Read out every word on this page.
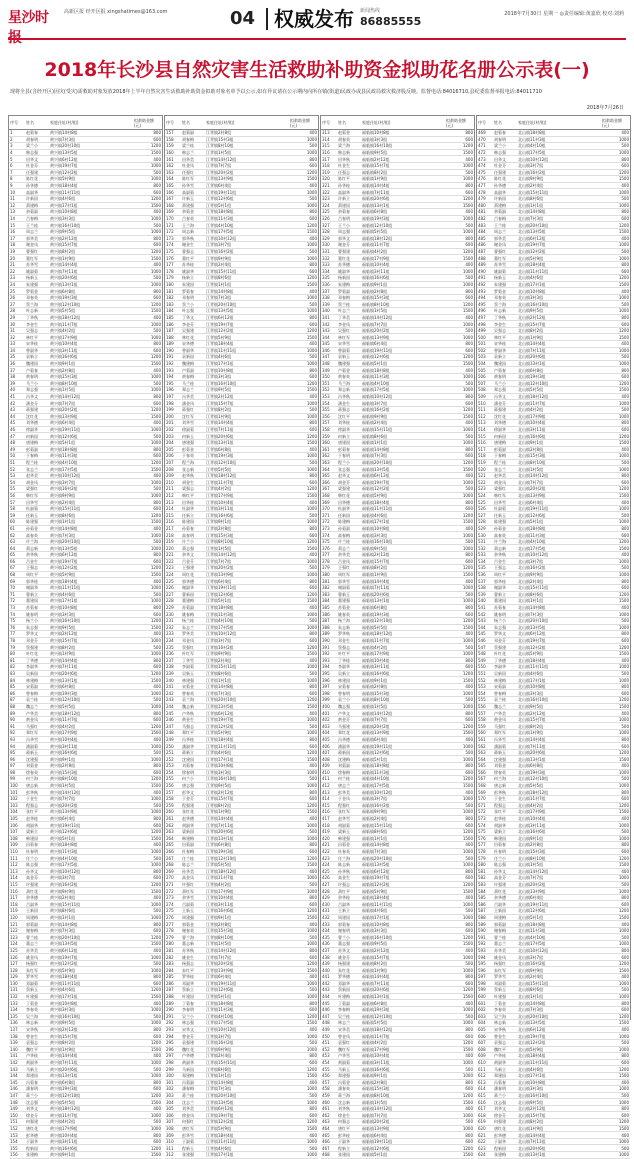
星沙时报
高新区报 经开区报 xingshatimes@163.com	04 权威发布 新闻热线
86885555
2018年7月30日 星期一 ◎责任编辑:黄嘉欣 校对:刘莉
2018年长沙县自然灾害生活救助补助资金拟助花名册公示表(一)
现将全县(含经开区)因灾(受灾)需救助对象发放2018年上半年自然灾害生活救助补助资金拟助对象名单予以公示,如有异议请在公示期内向所在镇(街道)民政办或县民政局救灾救济股反映。监督电话:84016710,县纪委监督举报电话:84011710
2018年7月26日
序号	姓名	家庭住址(村/组)	拟救助金额(元)
1	赵菊春	黄兴镇14村8组	800
2	胡春明	黄兴镇7村3组	600
3	梁兰小	黄兴镇20村10组	1200
4	韩志强	黄兴镇13村5组	1500
5	田华文	黄兴镇6村12组	400
6	杜金芬	黄兴镇19村7组	1000
7	任强建	黄兴镇12村2组	500
8	陈红花	黄兴镇5村9组	1000
9	孙华德	黄兴镇18村4组	800
10	高淑华	黄兴镇11村11组	600
11	许新国	黄兴镇4村6组	1200
12	萧建梅	黄兴镇17村1组	1500
13	余菊淑	黄兴镇10村8组	400
14	吕春梅	黄兴镇3村3组	1000
15	王兰桂	黄兴镇16村10组	500
16	周志兰	黄兴镇9村5组	1000
17	郭华美	黄兴镇2村12组	800
18	谢金凤	黄兴镇15村7组	600
19	曹强红	黄兴镇8村2组	1200
20	董红军	黄兴镇1村9组	1500
21	苏华雪	黄兴镇14村4组	400
22	姚淑菊	黄兴镇7村11组	1000
23	杨新玉	黄兴镇20村6组	500
24	朱建强	黄兴镇13村1组	1000
25	罗菊金	黄兴镇6村8组	800
26	邓春英	黄兴镇19村3组	600
27	蔡兰海	黄兴镇12村10组	1200
28	叶志新	黄兴镇5村5组	1500
29	丁华秋	黄兴镇18村12组	400
30	李金生	黄兴镇11村7组	1000
31	吴强志	黄兴镇4村2组	500
32	林红平	黄兴镇17村9组	1000
33	宋华桂	黄兴镇10村4组	800
34	曾淑华	黄兴镇3村11组	600
35	袁新立	黄兴镇16村6组	1200
36	魏建国	黄兴镇9村1组	1500
37	卢菊春	黄兴镇2村8组	400
38	黄春明	黄兴镇15村3组	1000
39	马兰小	黄兴镇8村10组	500
40	郑志强	黄兴镇1村5组	1000
41	冯华文	黄兴镇14村12组	800
42	潘金芬	黄兴镇7村7组	600
43	蒋强建	黄兴镇20村2组	1200
44	沈红花	黄兴镇13村9组	1500
45	刘华德	黄兴镇6村4组	400
46	徐淑华	黄兴镇19村11组	1000
47	何新国	黄兴镇12村6组	500
48	唐建梅	黄兴镇5村1组	1000
49	彭菊淑	黄兴镇18村8组	800
50	于春梅	黄兴镇11村3组	600
51	程兰桂	黄兴镇4村10组	1200
52	张志兰	黄兴镇17村5组	1500
53	赵华美	黄兴镇10村12组	400
54	胡金凤	黄兴镇3村7组	1000
55	梁强红	黄兴镇16村2组	500
56	韩红军	黄兴镇9村9组	1000
57	田华雪	黄兴镇2村4组	800
58	杜淑菊	黄兴镇15村11组	600
59	任新玉	黄兴镇8村6组	1200
60	陈建强	黄兴镇1村1组	1500
61	孙菊金	黄兴镇14村8组	400
62	高春英	黄兴镇7村3组	1000
63	许兰海	黄兴镇20村10组	500
64	萧志新	黄兴镇13村5组	1000
65	余华秋	黄兴镇6村12组	800
66	吕金生	黄兴镇19村7组	600
67	王强志	黄兴镇12村2组	1200
68	周红平	黄兴镇5村9组	1500
69	郭华桂	黄兴镇18村4组	400
70	谢淑华	黄兴镇11村11组	1000
71	曹新立	黄兴镇4村6组	500
72	董建国	黄兴镇17村1组	1000
73	苏菊春	黄兴镇10村8组	800
74	姚春明	黄兴镇3村3组	600
75	杨兰小	黄兴镇16村10组	1200
76	朱志强	黄兴镇9村5组	1500
77	罗华文	黄兴镇2村12组	400
78	邓金芬	黄兴镇15村7组	1000
79	蔡强建	黄兴镇8村2组	500
80	叶红花	黄兴镇1村9组	1000
81	丁华德	黄兴镇14村4组	800
82	李淑华	黄兴镇7村11组	600
83	吴新国	黄兴镇20村6组	1200
84	林建梅	黄兴镇13村1组	1500
85	宋菊淑	黄兴镇6村8组	400
86	曾春梅	黄兴镇19村3组	1000
87	袁兰桂	黄兴镇12村10组	500
88	魏志兰	黄兴镇5村5组	1000
89	卢华美	黄兴镇18村12组	800
90	黄金凤	黄兴镇11村7组	600
91	马强红	黄兴镇4村2组	1200
92	郑红军	黄兴镇17村9组	1500
93	冯华雪	黄兴镇10村4组	400
94	潘淑菊	黄兴镇3村11组	1000
95	蒋新玉	黄兴镇16村6组	500
96	沈建强	黄兴镇9村1组	1000
97	刘菊金	黄兴镇2村8组	800
98	徐春英	黄兴镇15村3组	600
99	何兰海	黄兴镇8村10组	1200
100	唐志新	黄兴镇1村5组	1500
101	彭华秋	黄兴镇14村12组	400
102	于金生	黄兴镇7村7组	1000
103	程强志	黄兴镇20村2组	500
104	张红平	黄兴镇13村9组	1000
105	赵华桂	黄兴镇6村4组	800
106	胡淑华	黄兴镇19村11组	600
107	梁新立	黄兴镇12村6组	1200
108	韩建国	黄兴镇5村1组	1500
109	田菊春	黄兴镇18村8组	400
110	杜春明	黄兴镇11村3组	1000
111	任兰小	黄兴镇4村10组	500
112	陈志强	黄兴镇17村5组	1000
113	孙华文	黄兴镇10村12组	800
114	高金芬	黄兴镇3村7组	600
115	许强建	黄兴镇16村2组	1200
116	萧红花	黄兴镇9村9组	1500
117	余华德	黄兴镇2村4组	400
118	吕淑华	黄兴镇15村11组	1000
119	王新国	黄兴镇8村6组	500
120	周建梅	黄兴镇1村1组	1000
121	郭菊淑	黄兴镇14村8组	800
122	谢春梅	黄兴镇7村3组	600
123	曹兰桂	黄兴镇20村10组	1200
124	董志兰	黄兴镇13村5组	1500
125	苏华美	黄兴镇6村12组	400
126	姚金凤	黄兴镇19村7组	1000
127	杨强红	黄兴镇12村2组	500
128	朱红军	黄兴镇5村9组	1000
129	罗华雪	黄兴镇18村4组	800
130	邓淑菊	黄兴镇11村11组	600
131	蔡新玉	黄兴镇4村6组	1200
132	叶建强	黄兴镇17村1组	1500
133	丁菊金	黄兴镇10村8组	400
134	李春英	黄兴镇3村3组	1000
135	吴兰海	黄兴镇16村10组	500
136	林志新	黄兴镇9村5组	1000
137	宋华秋	黄兴镇2村12组	800
138	曾金生	黄兴镇15村7组	600
139	袁强志	黄兴镇8村2组	1200
140	魏红平	黄兴镇1村9组	1500
141	卢华桂	黄兴镇14村4组	400
142	黄淑华	黄兴镇7村11组	1000
143	马新立	黄兴镇20村6组	500
144	郑建国	黄兴镇13村1组	1000
145	冯菊春	黄兴镇6村8组	800
146	潘春明	黄兴镇19村3组	600
147	蒋兰小	黄兴镇12村10组	1200
148	沈志强	黄兴镇5村5组	1500
149	刘华文	黄兴镇18村12组	400
150	徐金芬	黄兴镇11村7组	1000
151	何强建	黄兴镇4村2组	500
152	唐红花	黄兴镇17村9组	1000
153	彭华德	黄兴镇10村4组	800
154	于淑华	黄兴镇3村11组	600
155	程新国	黄兴镇16村6组	1200
156	张建梅	黄兴镇9村1组	1500
序号	姓名	家庭住址(村/组)	拟救助金额(元)
157	赵菊淑	江背镇2村8组	400
158	胡春梅	江背镇15村3组	1000
159	梁兰桂	江背镇8村10组	500
160	韩志兰	江背镇1村5组	1000
161	田华美	江背镇14村12组	800
162	杜金凤	江背镇7村7组	600
163	任强红	江背镇20村2组	1200
164	陈红军	江背镇13村9组	1500
165	孙华雪	江背镇6村4组	400
166	高淑菊	江背镇19村11组	1000
167	许新玉	江背镇12村6组	500
168	萧建强	江背镇5村1组	1000
169	余菊金	江背镇18村8组	800
170	吕春英	江背镇11村3组	600
171	王兰海	江背镇4村10组	1200
172	周志新	江背镇17村5组	1500
173	郭华秋	江背镇10村12组	400
174	谢金生	江背镇3村7组	1000
175	曹强志	江背镇16村2组	500
176	董红平	江背镇9村9组	1000
177	苏华桂	江背镇2村4组	800
178	姚淑华	江背镇15村11组	600
179	杨新立	江背镇8村6组	1200
180	朱建国	江背镇1村1组	1500
181	罗菊春	江背镇14村8组	400
182	邓春明	江背镇7村3组	1000
183	蔡兰小	江背镇20村10组	500
184	叶志强	江背镇13村5组	1000
185	丁华文	江背镇6村12组	800
186	李金芬	江背镇19村7组	600
187	吴强建	江背镇12村2组	1200
188	林红花	江背镇5村9组	1500
189	宋华德	江背镇18村4组	400
190	曾淑华	江背镇11村11组	1000
191	袁新国	江背镇4村6组	500
192	魏建梅	江背镇17村1组	1000
193	卢菊淑	江背镇10村8组	800
194	黄春梅	江背镇3村3组	600
195	马兰桂	江背镇16村10组	1200
196	郑志兰	江背镇9村5组	1500
197	冯华美	江背镇2村12组	400
198	潘金凤	江背镇15村7组	1000
199	蒋强红	江背镇8村2组	500
200	沈红军	江背镇1村9组	1000
201	刘华雪	江背镇14村4组	800
202	徐淑菊	江背镇7村11组	600
203	何新玉	江背镇20村6组	1200
204	唐建强	江背镇13村1组	1500
205	彭菊金	江背镇6村8组	400
206	于春英	江背镇19村3组	1000
207	程兰海	江背镇12村10组	500
208	张志新	江背镇5村5组	1000
209	赵华秋	江背镇18村12组	800
210	胡金生	江背镇11村7组	600
211	梁强志	江背镇4村2组	1200
212	韩红平	江背镇17村9组	1500
213	田华桂	江背镇10村4组	400
214	杜淑华	江背镇3村11组	1000
215	任新立	江背镇16村6组	500
216	陈建国	江背镇9村1组	1000
217	孙菊春	江背镇2村8组	800
218	高春明	江背镇15村3组	600
219	许兰小	江背镇8村10组	1200
220	萧志强	江背镇1村5组	1500
221	余华文	江背镇14村12组	400
222	吕金芬	江背镇7村7组	1000
223	王强建	江背镇20村2组	500
224	周红花	江背镇13村9组	1000
225	郭华德	江背镇6村4组	800
226	谢淑华	江背镇19村11组	600
227	曹新国	江背镇12村6组	1200
228	董建梅	江背镇5村1组	1500
229	苏菊淑	江背镇18村8组	400
230	姚春梅	江背镇11村3组	1000
231	杨兰桂	江背镇4村10组	500
232	朱志兰	江背镇17村5组	1000
233	罗华美	江背镇10村12组	800
234	邓金凤	江背镇3村7组	600
235	蔡强红	江背镇16村2组	1200
236	叶红军	江背镇9村9组	1500
237	丁华雪	江背镇2村4组	400
238	李淑菊	江背镇15村11组	1000
239	吴新玉	江背镇8村6组	500
240	林建强	江背镇1村1组	1000
241	宋菊金	江背镇14村8组	800
242	曾春英	江背镇7村3组	600
243	袁兰海	江背镇20村10组	1200
244	魏志新	江背镇13村5组	1500
245	卢华秋	江背镇6村12组	400
246	黄金生	江背镇19村7组	1000
247	马强志	江背镇12村2组	500
248	郑红平	江背镇5村9组	1000
249	冯华桂	江背镇18村4组	800
250	潘淑华	江背镇11村11组	600
251	蒋新立	江背镇4村6组	1200
252	沈建国	江背镇17村1组	1500
253	刘菊春	江背镇10村8组	400
254	徐春明	江背镇3村3组	1000
255	何兰小	江背镇16村10组	500
256	唐志强	江背镇9村5组	1000
257	彭华文	江背镇2村12组	800
258	于金芬	江背镇15村7组	600
259	程强建	江背镇8村2组	1200
260	张红花	江背镇1村9组	1500
261	赵华德	江背镇14村4组	400
262	胡淑华	江背镇7村11组	1000
263	梁新国	江背镇20村6组	500
264	韩建梅	江背镇13村1组	1000
265	田菊淑	江背镇6村8组	800
266	杜春梅	江背镇19村3组	600
267	任兰桂	江背镇12村10组	1200
268	陈志兰	江背镇5村5组	1500
269	孙华美	江背镇18村12组	400
270	高金凤	江背镇11村7组	1000
271	许强红	江背镇4村2组	500
272	萧红军	江背镇17村9组	1000
273	余华雪	江背镇10村4组	800
274	吕淑菊	江背镇3村11组	600
275	王新玉	江背镇16村6组	1200
276	周建强	江背镇9村1组	1500
277	郭菊金	江背镇2村8组	400
278	谢春英	江背镇15村3组	1000
279	曹兰海	江背镇8村10组	500
280	董志新	江背镇1村5组	1000
281	苏华秋	江背镇14村12组	800
282	姚金生	江背镇7村7组	600
283	杨强志	江背镇20村2组	1200
284	朱红平	江背镇13村9组	1500
285	罗华桂	江背镇6村4组	400
286	邓淑华	江背镇19村11组	1000
287	蔡新立	江背镇12村6组	500
288	叶建国	江背镇5村1组	1000
289	丁菊春	江背镇18村8组	800
290	李春明	江背镇11村3组	600
291	吴兰小	江背镇4村10组	1200
292	林志强	江背镇17村5组	1500
293	宋华文	江背镇10村12组	400
294	曾金芬	江背镇3村7组	1000
295	袁强建	江背镇16村2组	500
296	魏红花	江背镇9村9组	1000
297	卢华德	江背镇2村4组	800
298	黄淑华	江背镇15村11组	600
299	马新国	江背镇8村6组	1200
300	郑建梅	江背镇1村1组	1500
301	冯菊淑	江背镇14村8组	400
302	潘春梅	江背镇7村3组	1000
303	蒋兰桂	江背镇20村10组	500
304	沈志兰	江背镇13村5组	1000
305	刘华美	江背镇6村12组	800
306	徐金凤	江背镇19村7组	600
307	何强红	江背镇12村2组	1200
308	唐红军	江背镇5村9组	1500
309	彭华雪	江背镇18村4组	400
310	于淑菊	江背镇11村11组	1000
311	程新玉	江背镇4村6组	500
312	张建强	江背镇17村1组	1000
序号	姓名	家庭住址(村/组)	拟救助金额(元)
313	赵菊金	福临镇10村8组	800
314	胡春英	福临镇3村3组	600
315	梁兰海	福临镇16村10组	1200
316	韩志新	福临镇9村5组	1500
317	田华秋	福临镇2村12组	400
318	杜金生	福临镇15村7组	1000
319	任强志	福临镇8村2组	500
320	陈红平	福临镇1村9组	1000
321	孙华桂	福临镇14村4组	800
322	高淑华	福临镇7村11组	600
323	许新立	福临镇20村6组	1200
324	萧建国	福临镇13村1组	1500
325	余菊春	福临镇6村8组	400
326	吕春明	福临镇19村3组	1000
327	王兰小	福临镇12村10组	500
328	周志强	福临镇5村5组	1000
329	郭华文	福临镇18村12组	800
330	谢金芬	福临镇11村7组	600
331	曹强建	福临镇4村2组	1200
332	董红花	福临镇17村9组	1500
333	苏华德	福临镇10村4组	400
334	姚淑华	福临镇3村11组	1000
335	杨新国	福临镇16村6组	500
336	朱建梅	福临镇9村1组	1000
337	罗菊淑	福临镇2村8组	800
338	邓春梅	福临镇15村3组	600
339	蔡兰桂	福临镇8村10组	1200
340	叶志兰	福临镇1村5组	1500
341	丁华美	福临镇14村12组	400
342	李金凤	福临镇7村7组	1000
343	吴强红	福临镇20村2组	500
344	林红军	福临镇13村9组	1000
345	宋华雪	福临镇6村4组	800
346	曾淑菊	福临镇19村11组	600
347	袁新玉	福临镇12村6组	1200
348	魏建强	福临镇5村1组	1500
349	卢菊金	福临镇18村8组	400
350	黄春英	福临镇11村3组	1000
351	马兰海	福临镇4村10组	500
352	郑志新	福临镇17村5组	1000
353	冯华秋	福临镇10村12组	800
354	潘金生	福临镇3村7组	600
355	蒋强志	福临镇16村2组	1200
356	沈红平	福临镇9村9组	1500
357	刘华桂	福临镇2村4组	400
358	徐淑华	福临镇15村11组	1000
359	何新立	福临镇8村6组	500
360	唐建国	福临镇1村1组	1000
361	彭菊春	福临镇14村8组	800
362	于春明	福临镇7村3组	600
363	程兰小	福临镇20村10组	1200
364	张志强	福临镇13村5组	1500
365	赵华文	福临镇6村12组	400
366	胡金芬	福临镇19村7组	1000
367	梁强建	福临镇12村2组	500
368	韩红花	福临镇5村9组	1000
369	田华德	福临镇18村4组	800
370	杜淑华	福临镇11村11组	600
371	任新国	福临镇4村6组	1200
372	陈建梅	福临镇17村1组	1500
373	孙菊淑	福临镇10村8组	400
374	高春梅	福临镇3村3组	1000
375	许兰桂	福临镇16村10组	500
376	萧志兰	福临镇9村5组	1000
377	余华美	福临镇2村12组	800
378	吕金凤	福临镇15村7组	600
379	王强红	福临镇8村2组	1200
380	周红军	福临镇1村9组	1500
381	郭华雪	福临镇14村4组	400
382	谢淑菊	福临镇7村11组	1000
383	曹新玉	福临镇20村6组	500
384	董建强	福临镇13村1组	1000
385	苏菊金	福临镇6村8组	800
386	姚春英	福临镇19村3组	600
387	杨兰海	福临镇12村10组	1200
388	朱志新	福临镇5村5组	1500
389	罗华秋	福临镇18村12组	400
390	邓金生	福临镇11村7组	1000
391	蔡强志	福临镇4村2组	500
392	叶红平	福临镇17村9组	1000
393	丁华桂	福临镇10村4组	800
394	李淑华	福临镇3村11组	600
395	吴新立	福临镇16村6组	1200
396	林建国	福临镇9村1组	1500
397	宋菊春	福临镇2村8组	400
398	曾春明	福临镇15村3组	1000
399	袁兰小	福临镇8村10组	500
400	魏志强	福临镇1村5组	1000
401	卢华文	福临镇14村12组	800
402	黄金芬	福临镇7村7组	600
403	马强建	福临镇20村2组	1200
404	郑红花	福临镇13村9组	1500
405	冯华德	福临镇6村4组	400
406	潘淑华	福临镇19村11组	1000
407	蒋新国	福临镇12村6组	500
408	沈建梅	福临镇5村1组	1000
409	刘菊淑	福临镇18村8组	800
410	徐春梅	福临镇11村3组	600
411	何兰桂	福临镇4村10组	1200
412	唐志兰	福临镇17村5组	1500
413	彭华美	福临镇10村12组	400
414	于金凤	福临镇3村7组	1000
415	程强红	福临镇16村2组	500
416	张红军	福临镇9村9组	1000
417	赵华雪	福临镇2村4组	800
418	胡淑菊	福临镇15村11组	600
419	梁新玉	福临镇8村6组	1200
420	韩建强	福临镇1村1组	1500
421	田菊金	福临镇14村8组	400
422	杜春英	福临镇7村3组	1000
423	任兰海	福临镇20村10组	500
424	陈志新	福临镇13村5组	1000
425	孙华秋	福临镇6村12组	800
426	高金生	福临镇19村7组	600
427	许强志	福临镇12村2组	1200
428	萧红平	福临镇5村9组	1500
429	余华桂	福临镇18村4组	400
430	吕淑华	福临镇11村11组	1000
431	王新立	福临镇4村6组	500
432	周建国	福临镇17村1组	1000
433	郭菊春	福临镇10村8组	800
434	谢春明	福临镇3村3组	600
435	曹兰小	福临镇16村10组	1200
436	董志强	福临镇9村5组	1500
437	苏华文	福临镇2村12组	400
438	姚金芬	福临镇15村7组	1000
439	杨强建	福临镇8村2组	500
440	朱红花	福临镇1村9组	1000
441	罗华德	福临镇14村4组	800
442	邓淑华	福临镇7村11组	600
443	蔡新国	福临镇20村6组	1200
444	叶建梅	福临镇13村1组	1500
445	丁菊淑	福临镇6村8组	400
446	李春梅	福临镇19村3组	1000
447	吴兰桂	福临镇12村10组	500
448	林志兰	福临镇5村5组	1000
449	宋华美	福临镇18村12组	800
450	曾金凤	福临镇11村7组	600
451	袁强红	福临镇4村2组	1200
452	魏红军	福临镇17村9组	1500
453	卢华雪	福临镇10村4组	400
454	黄淑菊	福临镇3村11组	1000
455	马新玉	福临镇16村6组	500
456	郑建强	福临镇9村1组	1000
457	冯菊金	福临镇2村8组	800
458	潘春英	福临镇15村3组	600
459	蒋兰海	福临镇8村10组	1200
460	沈志新	福临镇1村5组	1500
461	刘华秋	福临镇14村12组	400
462	徐金生	福临镇7村7组	1000
463	何强志	福临镇20村2组	500
464	唐红平	福临镇13村9组	1000
465	彭华桂	福临镇6村4组	800
466	于淑华	福临镇19村11组	600
467	程新立	福临镇12村6组	1200
468	张建国	福临镇5村1组	1500
序号	姓名	家庭住址(村/组)	拟救助金额(元)
469	赵菊春	北山镇18村8组	400
470	胡春明	北山镇11村3组	1000
471	梁兰小	北山镇4村10组	500
472	韩志强	北山镇17村5组	1000
473	田华文	北山镇10村12组	800
474	杜金芬	北山镇3村7组	600
475	任强建	北山镇16村2组	1200
476	陈红花	北山镇9村9组	1500
477	孙华德	北山镇2村4组	400
478	高淑华	北山镇15村11组	1000
479	许新国	北山镇8村6组	500
480	萧建梅	北山镇1村1组	1000
481	余菊淑	北山镇14村8组	800
482	吕春梅	北山镇7村3组	600
483	王兰桂	北山镇20村10组	1200
484	周志兰	北山镇13村5组	1500
485	郭华美	北山镇6村12组	400
486	谢金凤	北山镇19村7组	1000
487	曹强红	北山镇12村2组	500
488	董红军	北山镇5村9组	1000
489	苏华雪	北山镇18村4组	800
490	姚淑菊	北山镇11村11组	600
491	杨新玉	北山镇4村6组	1200
492	朱建强	北山镇17村1组	1500
493	罗菊金	北山镇10村8组	400
494	邓春英	北山镇3村3组	1000
495	蔡兰海	北山镇16村10组	500
496	叶志新	北山镇9村5组	1000
497	丁华秋	北山镇2村12组	800
498	李金生	北山镇15村7组	600
499	吴强志	北山镇8村2组	1200
500	林红平	北山镇1村9组	1500
501	宋华桂	北山镇14村4组	400
502	曾淑华	北山镇7村11组	1000
503	袁新立	北山镇20村6组	500
504	魏建国	北山镇13村1组	1000
505	卢菊春	北山镇6村8组	800
506	黄春明	北山镇19村3组	600
507	马兰小	北山镇12村10组	1200
508	郑志强	北山镇5村5组	1500
509	冯华文	北山镇18村12组	400
510	潘金芬	北山镇11村7组	1000
511	蒋强建	北山镇4村2组	500
512	沈红花	北山镇17村9组	1000
513	刘华德	北山镇10村4组	800
514	徐淑华	北山镇3村11组	600
515	何新国	北山镇16村6组	1200
516	唐建梅	北山镇9村1组	1500
517	彭菊淑	北山镇2村8组	400
518	于春梅	北山镇15村3组	1000
519	程兰桂	北山镇8村10组	500
520	张志兰	北山镇1村5组	1000
521	赵华美	北山镇14村12组	800
522	胡金凤	北山镇7村7组	600
523	梁强红	北山镇20村2组	1200
524	韩红军	北山镇13村9组	1500
525	田华雪	北山镇6村4组	400
526	杜淑菊	北山镇19村11组	1000
527	任新玉	北山镇12村6组	500
528	陈建强	北山镇5村1组	1000
529	孙菊金	北山镇18村8组	800
530	高春英	北山镇11村3组	600
531	许兰海	北山镇4村10组	1200
532	萧志新	北山镇17村5组	1500
533	余华秋	北山镇10村12组	400
534	吕金生	北山镇3村7组	1000
535	王强志	北山镇16村2组	500
536	周红平	北山镇9村9组	1000
537	郭华桂	北山镇2村4组	800
538	谢淑华	北山镇15村11组	600
539	曹新立	北山镇8村6组	1200
540	董建国	北山镇1村1组	1500
541	苏菊春	北山镇14村8组	400
542	姚春明	北山镇7村3组	1000
543	杨兰小	北山镇20村10组	500
544	朱志强	北山镇13村5组	1000
545	罗华文	北山镇6村12组	800
546	邓金芬	北山镇19村7组	600
547	蔡强建	北山镇12村2组	1200
548	叶红花	北山镇5村9组	1500
549	丁华德	北山镇18村4组	400
550	李淑华	北山镇11村11组	1000
551	吴新国	北山镇4村6组	500
552	林建梅	北山镇17村1组	1000
553	宋菊淑	北山镇10村8组	800
554	曾春梅	北山镇3村3组	600
555	袁兰桂	北山镇16村10组	1200
556	魏志兰	北山镇9村5组	1500
557	卢华美	北山镇2村12组	400
558	黄金凤	北山镇15村7组	1000
559	马强红	北山镇8村2组	500
560	郑红军	北山镇1村9组	1000
561	冯华雪	北山镇14村4组	800
562	潘淑菊	北山镇7村11组	600
563	蒋新玉	北山镇20村6组	1200
564	沈建强	北山镇13村1组	1500
565	刘菊金	北山镇6村8组	400
566	徐春英	北山镇19村3组	1000
567	何兰海	北山镇12村10组	500
568	唐志新	北山镇5村5组	1000
569	彭华秋	北山镇18村12组	800
570	于金生	北山镇11村7组	600
571	程强志	北山镇4村2组	1200
572	张红平	北山镇17村9组	1500
573	赵华桂	北山镇10村4组	400
574	胡淑华	北山镇3村11组	1000
575	梁新立	北山镇16村6组	500
576	韩建国	北山镇9村1组	1000
577	田菊春	北山镇2村8组	800
578	杜春明	北山镇15村3组	600
579	任兰小	北山镇8村10组	1200
580	陈志强	北山镇1村5组	1500
581	孙华文	北山镇14村12组	400
582	高金芬	北山镇7村7组	1000
583	许强建	北山镇20村2组	500
584	萧红花	北山镇13村9组	1000
585	余华德	北山镇6村4组	800
586	吕淑华	北山镇19村11组	600
587	王新国	北山镇12村6组	1200
588	周建梅	北山镇5村1组	1500
589	郭菊淑	北山镇18村8组	400
590	谢春梅	北山镇11村3组	1000
591	曹兰桂	北山镇4村10组	500
592	董志兰	北山镇17村5组	1000
593	苏华美	北山镇10村12组	800
594	姚金凤	北山镇3村7组	600
595	杨强红	北山镇16村2组	1200
596	朱红军	北山镇9村9组	1500
597	罗华雪	北山镇2村4组	400
598	邓淑菊	北山镇15村11组	1000
599	蔡新玉	北山镇8村6组	500
600	叶建强	北山镇1村1组	1000
601	丁菊金	北山镇14村8组	800
602	李春英	北山镇7村3组	600
603	吴兰海	北山镇20村10组	1200
604	林志新	北山镇13村5组	1500
605	宋华秋	北山镇6村12组	400
606	曾金生	北山镇19村7组	1000
607	袁强志	北山镇12村2组	500
608	魏红平	北山镇5村9组	1000
609	卢华桂	北山镇18村4组	800
610	黄淑华	北山镇11村11组	600
611	马新立	北山镇4村6组	1200
612	郑建国	北山镇17村1组	1500
613	冯菊春	北山镇10村8组	400
614	潘春明	北山镇3村3组	1000
615	蒋兰小	北山镇16村10组	500
616	沈志强	北山镇9村5组	1000
617	刘华文	北山镇2村12组	800
618	徐金芬	北山镇15村7组	600
619	何强建	北山镇8村2组	1200
620	唐红花	北山镇1村9组	1500
621	彭华德	北山镇14村4组	400
622	于淑华	北山镇7村11组	1000
623	程新国	北山镇20村6组	500
624	张建梅	北山镇13村1组	1000
